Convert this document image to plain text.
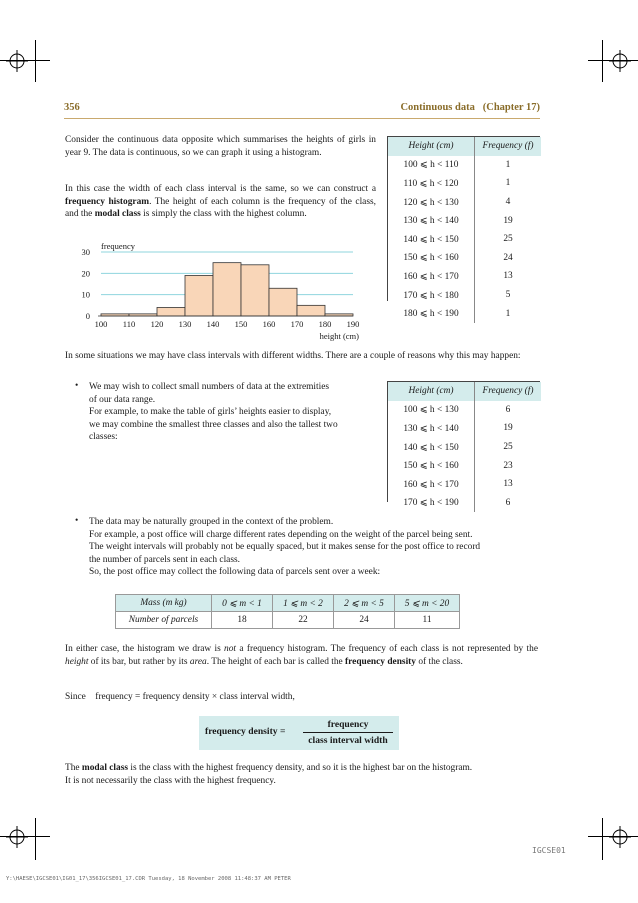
356	Continuous data (Chapter 17)
Consider the continuous data opposite which summarises the heights of girls in year 9. The data is continuous, so we can graph it using a histogram.
In this case the width of each class interval is the same, so we can construct a frequency histogram. The height of each column is the frequency of the class, and the modal class is simply the class with the highest column.
Height (cm)	Frequency (f)
100 ⩽ h < 110	1
110 ⩽ h < 120	1
120 ⩽ h < 130	4
130 ⩽ h < 140	19
140 ⩽ h < 150	25
150 ⩽ h < 160	24
160 ⩽ h < 170	13
170 ⩽ h < 180	5
180 ⩽ h < 190	1
0
10
20
30
100 110 120 130 140 150 160 170 180 190
frequency
height (cm)
In some situations we may have class intervals with different widths. There are a couple of reasons why this may happen:
• We may wish to collect small numbers of data at the extremities
of our data range.
For example, to make the table of girls’ heights easier to display,
we may combine the smallest three classes and also the tallest two
classes:
Height (cm)	Frequency (f)
100 ⩽ h < 130	6
130 ⩽ h < 140	19
140 ⩽ h < 150	25
150 ⩽ h < 160	23
160 ⩽ h < 170	13
170 ⩽ h < 190	6
• The data may be naturally grouped in the context of the problem.
For example, a post office will charge different rates depending on the weight of the parcel being sent.
The weight intervals will probably not be equally spaced, but it makes sense for the post office to record
the number of parcels sent in each class.
So, the post office may collect the following data of parcels sent over a week:
Mass (m kg)	0 ⩽ m < 1	1 ⩽ m < 2	2 ⩽ m < 5	5 ⩽ m < 20
Number of parcels	18	22	24	11
In either case, the histogram we draw is not a frequency histogram. The frequency of each class is not represented by the height of its bar, but rather by its area. The height of each bar is called the frequency density of the class.
Since frequency = frequency density × class interval width,
frequency density =
frequency
class interval width
The modal class is the class with the highest frequency density, and so it is the highest bar on the histogram.
It is not necessarily the class with the highest frequency.
IGCSE01
Y:\HAESE\IGCSE01\IG01_17\356IGCSE01_17.CDR Tuesday, 18 November 2008 11:48:37 AM PETER
